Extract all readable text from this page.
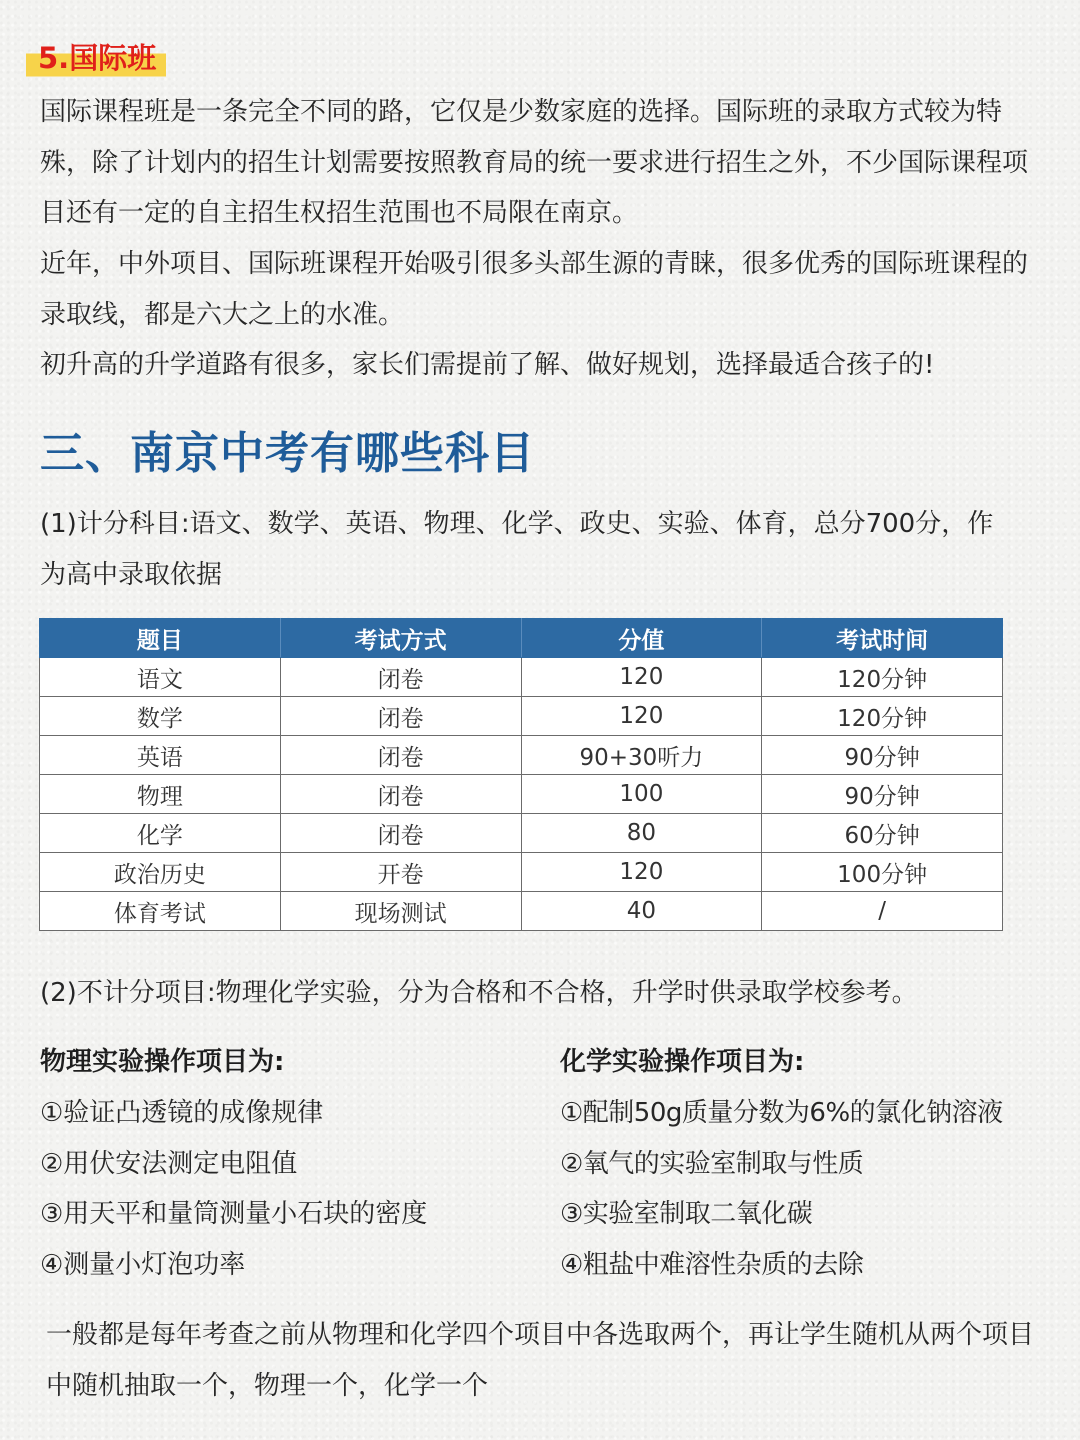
5.国际班

国际课程班是一条完全不同的路，它仅是少数家庭的选择。国际班的录取方式较为特殊，除了计划内的招生计划需要按照教育局的统一要求进行招生之外，不少国际课程项目还有一定的自主招生权招生范围也不局限在南京。

近年，中外项目、国际班课程开始吸引很多头部生源的青睐，很多优秀的国际班课程的录取线，都是六大之上的水准。

初升高的升学道路有很多，家长们需提前了解、做好规划，选择最适合孩子的!

三、南京中考有哪些科目

(1)计分科目:语文、数学、英语、物理、化学、政史、实验、体育，总分700分，作为高中录取依据

题目	考试方式	分值	考试时间
语文	闭卷	120	120分钟
数学	闭卷	120	120分钟
英语	闭卷	90+30听力	90分钟
物理	闭卷	100	90分钟
化学	闭卷	80	60分钟
政治历史	开卷	120	100分钟
体育考试	现场测试	40	/

(2)不计分项目:物理化学实验，分为合格和不合格，升学时供录取学校参考。

物理实验操作项目为:
①验证凸透镜的成像规律
②用伏安法测定电阻值
③用天平和量筒测量小石块的密度
④测量小灯泡功率
化学实验操作项目为:
①配制50g质量分数为6%的氯化钠溶液
②氧气的实验室制取与性质
③实验室制取二氧化碳
④粗盐中难溶性杂质的去除

一般都是每年考查之前从物理和化学四个项目中各选取两个，再让学生随机从两个项目中随机抽取一个，物理一个，化学一个
